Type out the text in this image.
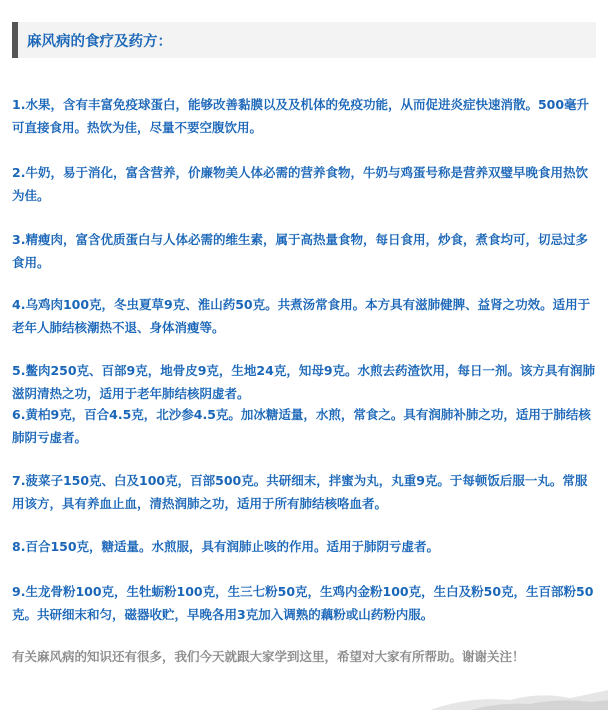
麻风病的食疗及药方：
1.水果，含有丰富免疫球蛋白，能够改善黏膜以及及机体的免疫功能，从而促进炎症快速消散。500毫升可直接食用。热饮为佳，尽量不要空腹饮用。
2.牛奶，易于消化，富含营养，价廉物美人体必需的营养食物，牛奶与鸡蛋号称是营养双璧早晚食用热饮为佳。
3.精瘦肉，富含优质蛋白与人体必需的维生素，属于高热量食物，每日食用，炒食，煮食均可，切忌过多食用。
4.乌鸡肉100克，冬虫夏草9克、淮山药50克。共煮汤常食用。本方具有滋肺健脾、益肾之功效。适用于老年人肺结核潮热不退、身体消瘦等。
5.鳖肉250克、百部9克，地骨皮9克，生地24克，知母9克。水煎去药渣饮用，每日一剂。该方具有润肺滋阴清热之功，适用于老年肺结核阴虚者。
6.黄柏9克，百合4.5克，北沙参4.5克。加冰糖适量，水煎，常食之。具有润肺补肺之功，适用于肺结核肺阴亏虚者。
7.菠菜子150克、白及100克，百部500克。共研细末，拌蜜为丸，丸重9克。于每顿饭后服一丸。常服用该方，具有养血止血，清热润肺之功，适用于所有肺结核咯血者。
8.百合150克，糖适量。水煎服，具有润肺止咳的作用。适用于肺阴亏虚者。
9.生龙骨粉100克，生牡蛎粉100克，生三七粉50克，生鸡内金粉100克，生白及粉50克，生百部粉50克。共研细末和匀，磁器收贮，早晚各用3克加入调熟的藕粉或山药粉内服。
有关麻风病的知识还有很多，我们今天就跟大家学到这里，希望对大家有所帮助。谢谢关注！
